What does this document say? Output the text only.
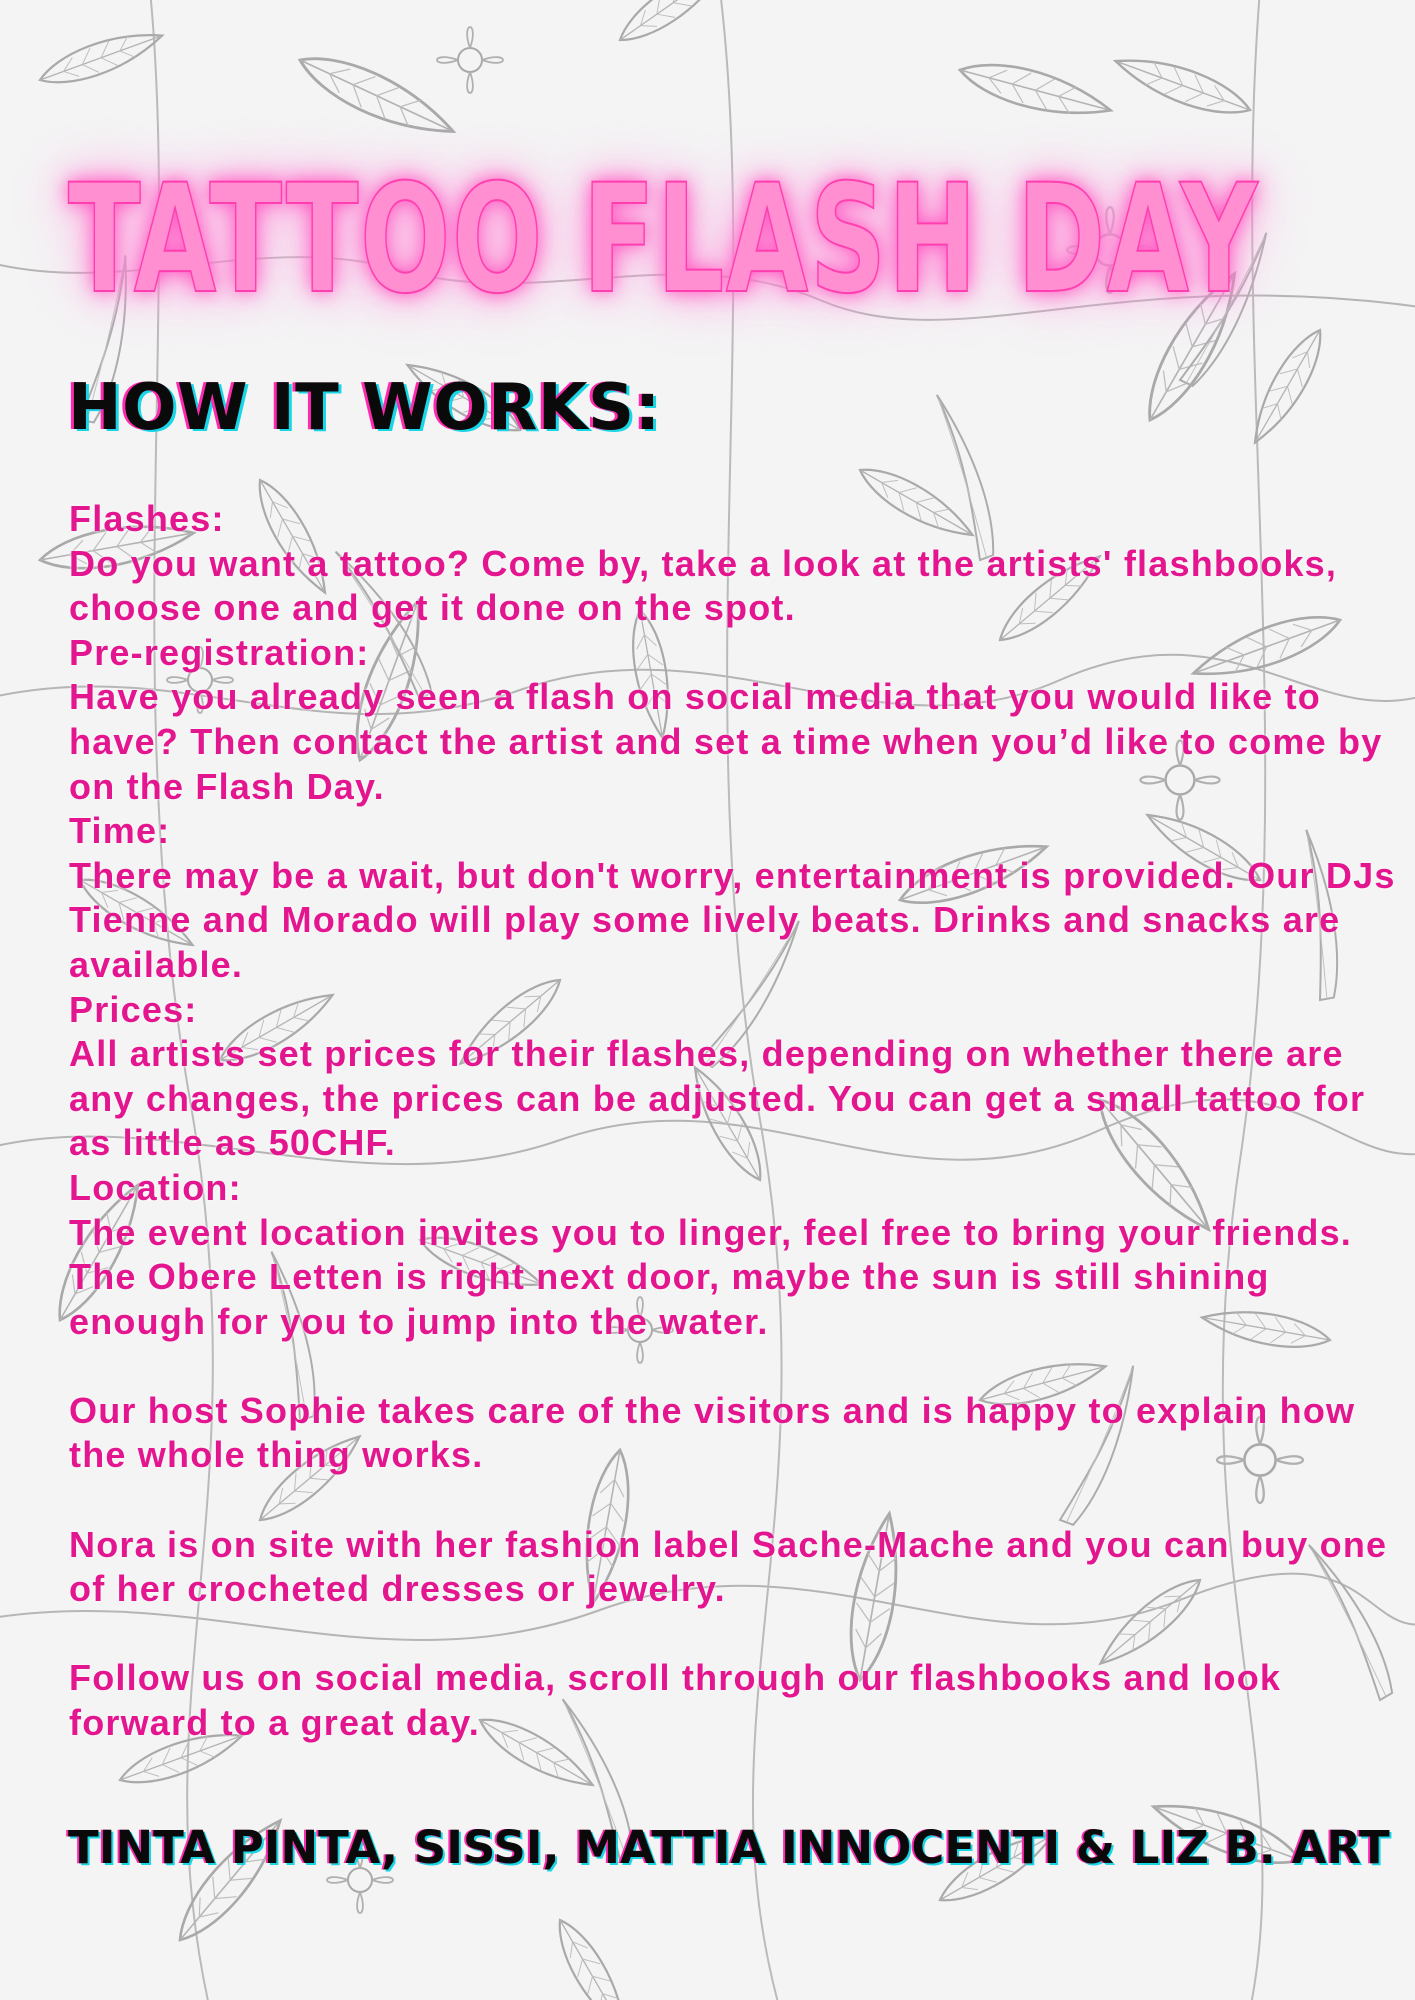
TATTOO FLASH DAY
HOW IT WORKS:

Flashes:

Do you want a tattoo? Come by, take a look at the artists' flashbooks, choose one and get it done on the spot.

Pre-registration:

Have you already seen a flash on social media that you would like to have? Then contact the artist and set a time when you’d like to come by on the Flash Day.

Time:

There may be a wait, but don't worry, entertainment is provided. Our DJs Tienne and Morado will play some lively beats. Drinks and snacks are available.

Prices:

All artists set prices for their flashes, depending on whether there are any changes, the prices can be adjusted. You can get a small tattoo for as little as 50CHF.

Location:

The event location invites you to linger, feel free to bring your friends. The Obere Letten is right next door, maybe the sun is still shining enough for you to jump into the water.

Our host Sophie takes care of the visitors and is happy to explain how the whole thing works.

Nora is on site with her fashion label Sache-Mache and you can buy one of her crocheted dresses or jewelry.

Follow us on social media, scroll through our flashbooks and look forward to a great day.

TINTA PINTA, SISSI, MATTIA INNOCENTI & LIZ B. ART
